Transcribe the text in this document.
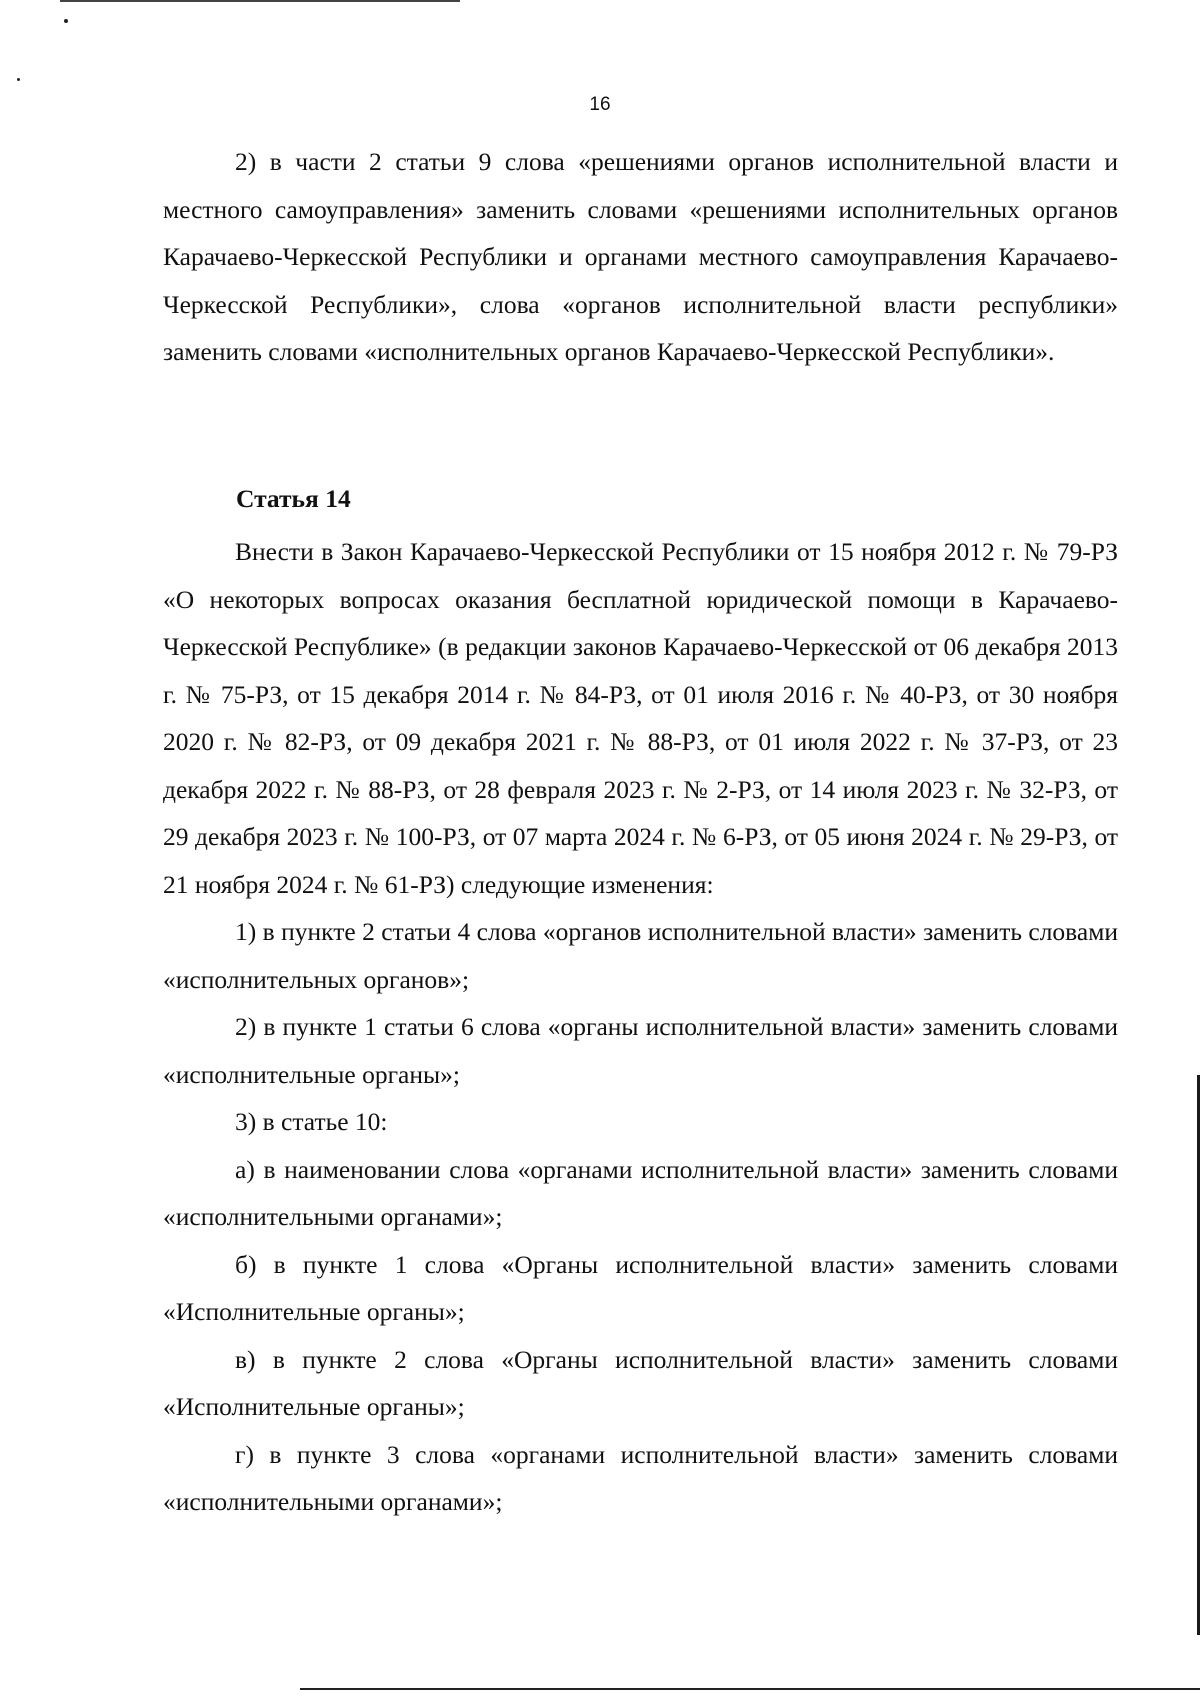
16

2) в части 2 статьи 9 слова «решениями органов исполнительной власти и местного самоуправления» заменить словами «решениями исполнительных органов Карачаево-Черкесской Республики и органами местного самоуправления Карачаево-Черкесской Республики», слова «органов исполнительной власти республики» заменить словами «исполнительных органов Карачаево-Черкесской Республики».

Статья 14

Внести в Закон Карачаево-Черкесской Республики от 15 ноября 2012 г. № 79-РЗ «О некоторых вопросах оказания бесплатной юридической помощи в Карачаево-Черкесской Республике» (в редакции законов Карачаево-Черкесской от 06 декабря 2013 г. № 75-РЗ, от 15 декабря 2014 г. № 84-РЗ, от 01 июля 2016 г. № 40-РЗ, от 30 ноября 2020 г. № 82-РЗ, от 09 декабря 2021 г. № 88-РЗ, от 01 июля 2022 г. № 37-РЗ, от 23 декабря 2022 г. № 88-РЗ, от 28 февраля 2023 г. № 2-РЗ, от 14 июля 2023 г. № 32-РЗ, от 29 декабря 2023 г. № 100-РЗ, от 07 марта 2024 г. № 6-РЗ, от 05 июня 2024 г. № 29-РЗ, от 21 ноября 2024 г. № 61-РЗ) следующие изменения:

1) в пункте 2 статьи 4 слова «органов исполнительной власти» заменить словами «исполнительных органов»;

2) в пункте 1 статьи 6 слова «органы исполнительной власти» заменить словами «исполнительные органы»;

3) в статье 10:

а) в наименовании слова «органами исполнительной власти» заменить словами «исполнительными органами»;

б) в пункте 1 слова «Органы исполнительной власти» заменить словами «Исполнительные органы»;

в) в пункте 2 слова «Органы исполнительной власти» заменить словами «Исполнительные органы»;

г) в пункте 3 слова «органами исполнительной власти» заменить словами «исполнительными органами»;
